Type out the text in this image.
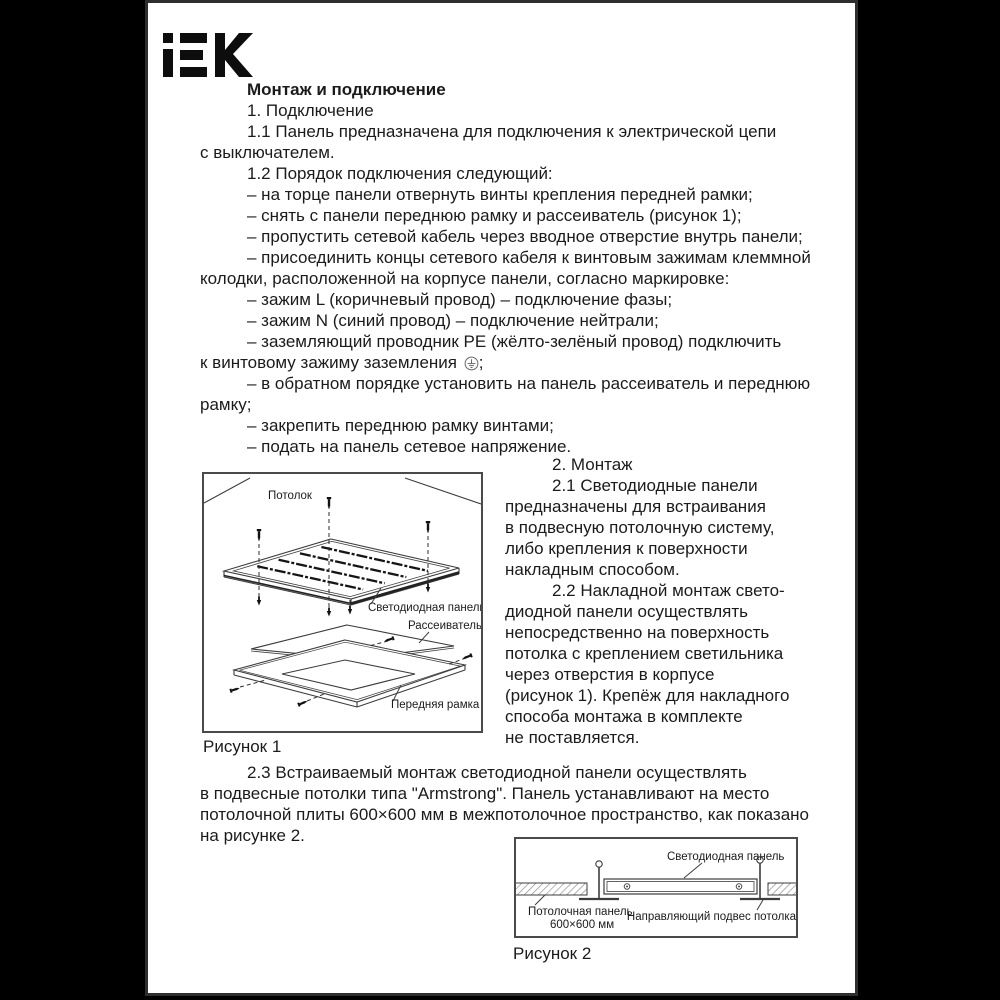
Монтаж и подключение
1. Подключение
1.1 Панель предназначена для подключения к электрической цепи
с выключателем.
1.2 Порядок подключения следующий:
– на торце панели отвернуть винты крепления передней рамки;
– снять с панели переднюю рамку и рассеиватель (рисунок 1);
– пропустить сетевой кабель через вводное отверстие внутрь панели;
– присоединить концы сетевого кабеля к винтовым зажимам клеммной
колодки, расположенной на корпусе панели, согласно маркировке:
– зажим L (коричневый провод) – подключение фазы;
– зажим N (синий провод) – подключение нейтрали;
– заземляющий проводник PE (жёлто-зелёный провод) подключить
к винтовому зажиму заземления ;
– в обратном порядке установить на панель рассеиватель и переднюю
рамку;
– закрепить переднюю рамку винтами;
– подать на панель сетевое напряжение.
Потолок
Светодиодная панель
Рассеиватель
Передняя рамка
Рисунок 1
2. Монтаж
2.1 Светодиодные панели
предназначены для встраивания
в подвесную потолочную систему,
либо крепления к поверхности
накладным способом.
2.2 Накладной монтаж свето-
диодной панели осуществлять
непосредственно на поверхность
потолка с креплением светильника
через отверстия в корпусе
(рисунок 1). Крепёж для накладного
способа монтажа в комплекте
не поставляется.
2.3 Встраиваемый монтаж светодиодной панели осуществлять
в подвесные потолки типа "Armstrong". Панель устанавливают на место
потолочной плиты 600×600 мм в межпотолочное пространство, как показано
на рисунке 2.
Светодиодная панель
Потолочная панель
600×600 мм
Направляющий подвес потолка
Рисунок 2
